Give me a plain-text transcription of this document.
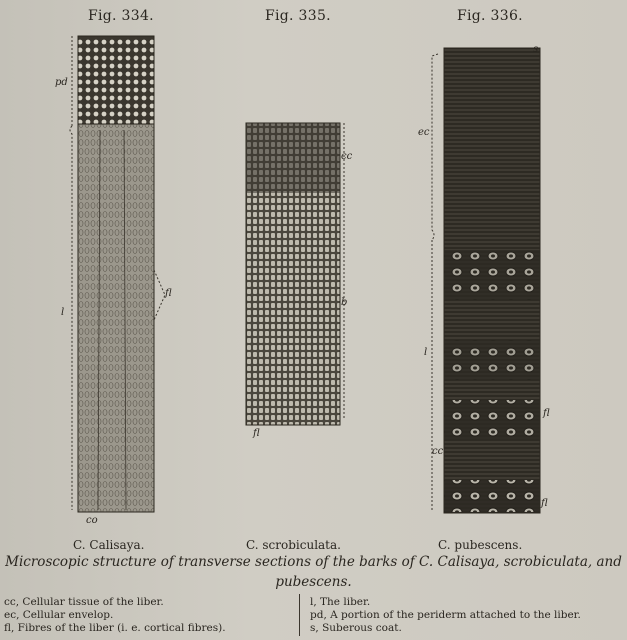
Fig. 334.	Fig. 335.	Fig. 336.
pd
l
fl
co
cc
b
fl
s
ec
l
cc
fl
fl
C. Calisaya.	C. scrobiculata.	C. pubescens.
Microscopic structure of transverse sections of the barks of C. Calisaya, scrobiculata, and
pubescens.
cc, Cellular tissue of the liber.
ec, Cellular envelop.
fl, Fibres of the liber (i. e. cortical fibres).
l, The liber.
pd, A portion of the periderm attached to the liber.
s, Suberous coat.
